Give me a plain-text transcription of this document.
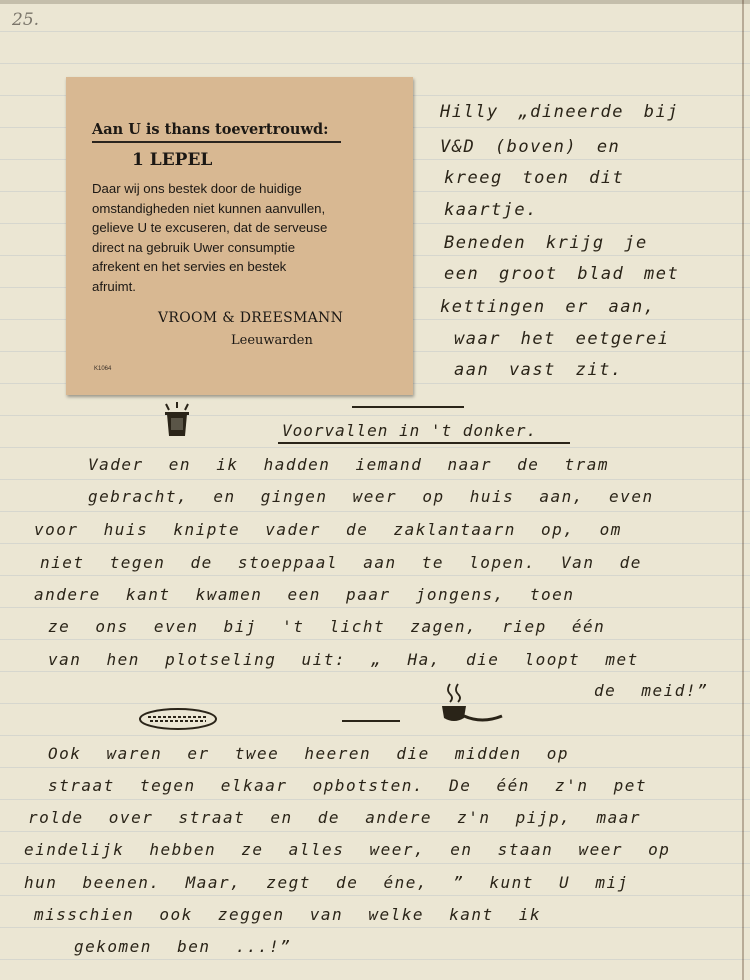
25.
Aan U is thans toevertrouwd:
1 LEPEL
Daar wij ons bestek door de huidige
omstandigheden niet kunnen aanvullen,
gelieve U te excuseren, dat de serveuse
direct na gebruik Uwer consumptie
afrekent en het servies en bestek
afruimt.
VROOM & DREESMANN
Leeuwarden
K1064
Hilly „dineerde bij
V&D (boven) en
kreeg toen dit
kaartje.
Beneden krijg je
een groot blad met
kettingen er aan,
waar het eetgerei
aan vast zit.
Voorvallen in 't donker.
Vader en ik hadden iemand naar de tram
gebracht, en gingen weer op huis aan, even
voor huis knipte vader de zaklantaarn op, om
niet tegen de stoeppaal aan te lopen. Van de
andere kant kwamen een paar jongens, toen
ze ons even bij 't licht zagen, riep één
van hen plotseling uit: „ Ha, die loopt met
de meid!”
Ook waren er twee heeren die midden op
straat tegen elkaar opbotsten. De één z'n pet
rolde over straat en de andere z'n pijp, maar
eindelijk hebben ze alles weer, en staan weer op
hun beenen. Maar, zegt de éne, ” kunt U mij
misschien ook zeggen van welke kant ik
gekomen ben ...!”
